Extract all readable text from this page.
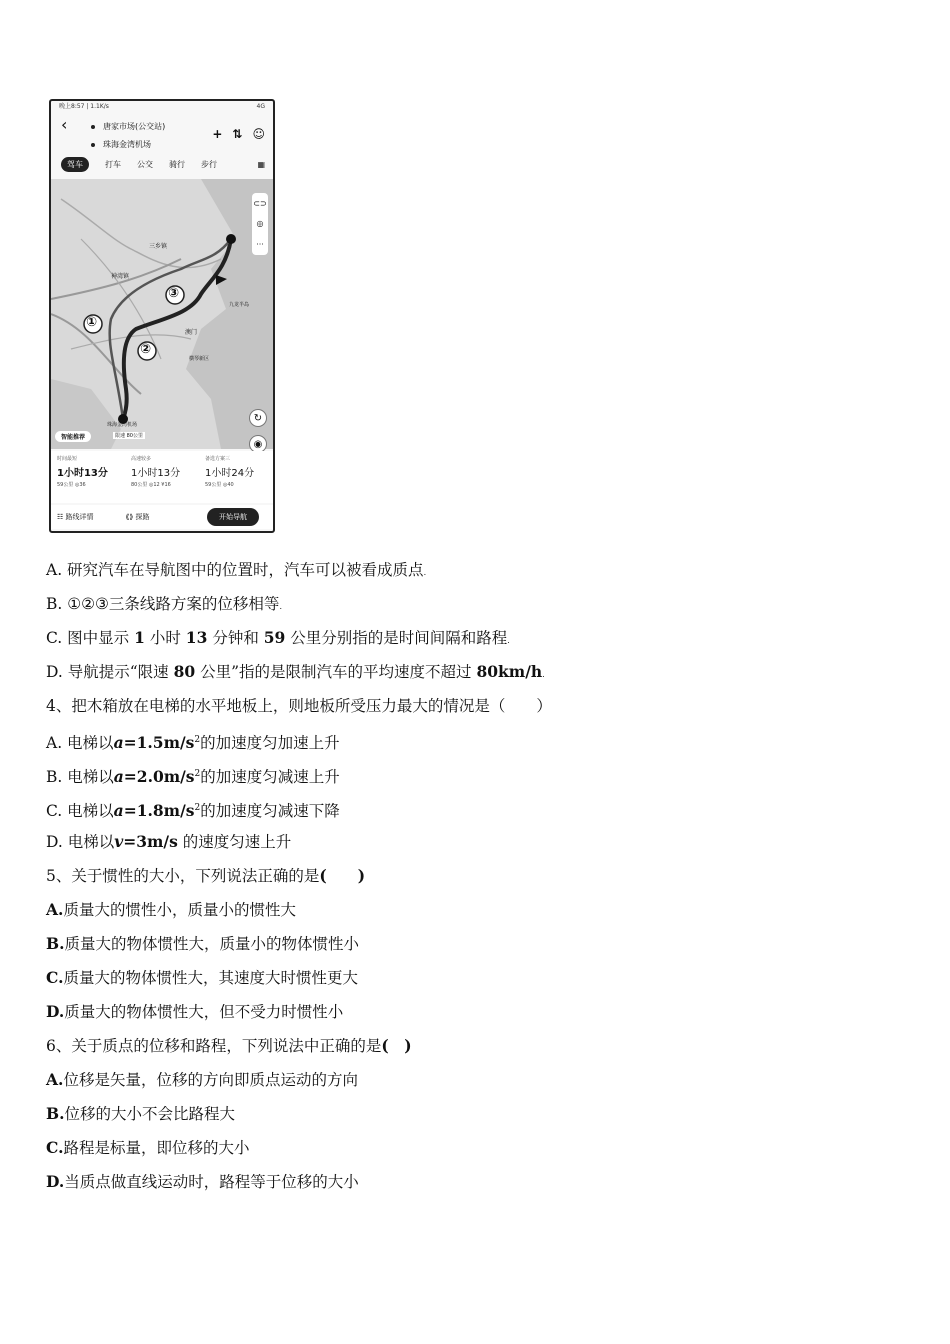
晚上8:57 | 1.1K/s	4G
‹	唐家市场(公交站)
珠海金湾机场
+ ⇅ ☺
驾车	打车 公交 骑行 步行	▦
①
②
③
三乡镇
神湾镇
澳门
九龙半岛
横琴新区
珠海金湾机场
⊂⊃
◎
···
↻
◉
智能推荐	限速 80公里
时间最短
1小时13分
59公里 ◎36
高速较多
1小时13分
80公里 ◎12 ¥16
备选方案三
1小时24分
59公里 ◎40
☷ 路线详情	⟪⟫ 探路	开始导航
A. 研究汽车在导航图中的位置时，汽车可以被看成质点.
B. ①②③三条线路方案的位移相等.
C. 图中显示 1 小时 13 分钟和 59 公里分别指的是时间间隔和路程.
D. 导航提示“限速 80 公里”指的是限制汽车的平均速度不超过 80km/h.
4、把木箱放在电梯的水平地板上，则地板所受压力最大的情况是（　　）
A. 电梯以$a=1.5m/s^2$的加速度匀加速上升
B. 电梯以$a=2.0m/s^2$的加速度匀减速上升
C. 电梯以$a=1.8m/s^2$的加速度匀减速下降
D. 电梯以v=3m/s 的速度匀速上升
5、关于惯性的大小，下列说法正确的是(　　)
A.质量大的惯性小，质量小的惯性大
B.质量大的物体惯性大，质量小的物体惯性小
C.质量大的物体惯性大，其速度大时惯性更大
D.质量大的物体惯性大，但不受力时惯性小
6、关于质点的位移和路程，下列说法中正确的是(　)
A.位移是矢量，位移的方向即质点运动的方向
B.位移的大小不会比路程大
C.路程是标量，即位移的大小
D.当质点做直线运动时，路程等于位移的大小
